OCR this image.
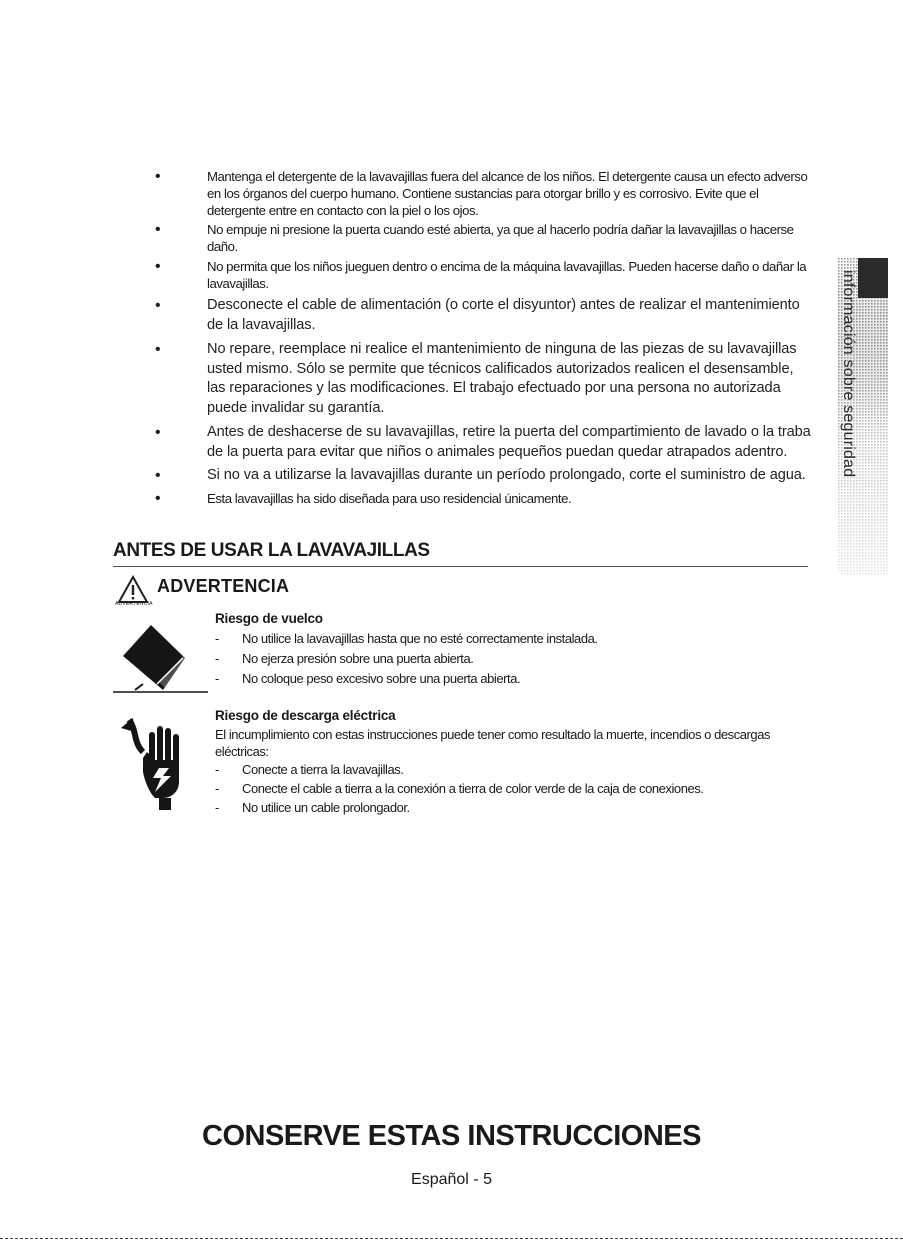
•	Mantenga el detergente de la lavavajillas fuera del alcance de los niños. El detergente causa un efecto adverso en los órganos del cuerpo humano. Contiene sustancias para otorgar brillo y es corrosivo. Evite que el detergente entre en contacto con la piel o los ojos.
•	No empuje ni presione la puerta cuando esté abierta, ya que al hacerlo podría dañar la lavavajillas o hacerse daño.
•	No permita que los niños jueguen dentro o encima de la máquina lavavajillas. Pueden hacerse daño o dañar la lavavajillas.
•	Desconecte el cable de alimentación (o corte el disyuntor) antes de realizar el mantenimiento de la lavavajillas.
•	No repare, reemplace ni realice el mantenimiento de ninguna de las piezas de su lavavajillas usted mismo. Sólo se permite que técnicos calificados autorizados realicen el desensamble, las reparaciones y las modificaciones. El trabajo efectuado por una persona no autorizada puede invalidar su garantía.
•	Antes de deshacerse de su lavavajillas, retire la puerta del compartimiento de lavado o la traba de la puerta para evitar que niños o animales pequeños puedan quedar atrapados adentro.
•	Si no va a utilizarse la lavavajillas durante un período prolongado, corte el suministro de agua.
•	Esta lavavajillas ha sido diseñada para uso residencial únicamente.
ANTES DE USAR LA LAVAVAJILLAS
ADVERTENCIA
ADVERTENCIA
Riesgo de vuelco
- No utilice la lavavajillas hasta que no esté correctamente instalada.
- No ejerza presión sobre una puerta abierta.
- No coloque peso excesivo sobre una puerta abierta.
Riesgo de descarga eléctrica

El incumplimiento con estas instrucciones puede tener como resultado la muerte, incendios o descargas eléctricas:

- Conecte a tierra la lavavajillas.
- Conecte el cable a tierra a la conexión a tierra de color verde de la caja de conexiones.
- No utilice un cable prolongador.
información sobre seguridad
CONSERVE ESTAS INSTRUCCIONES
Español - 5
